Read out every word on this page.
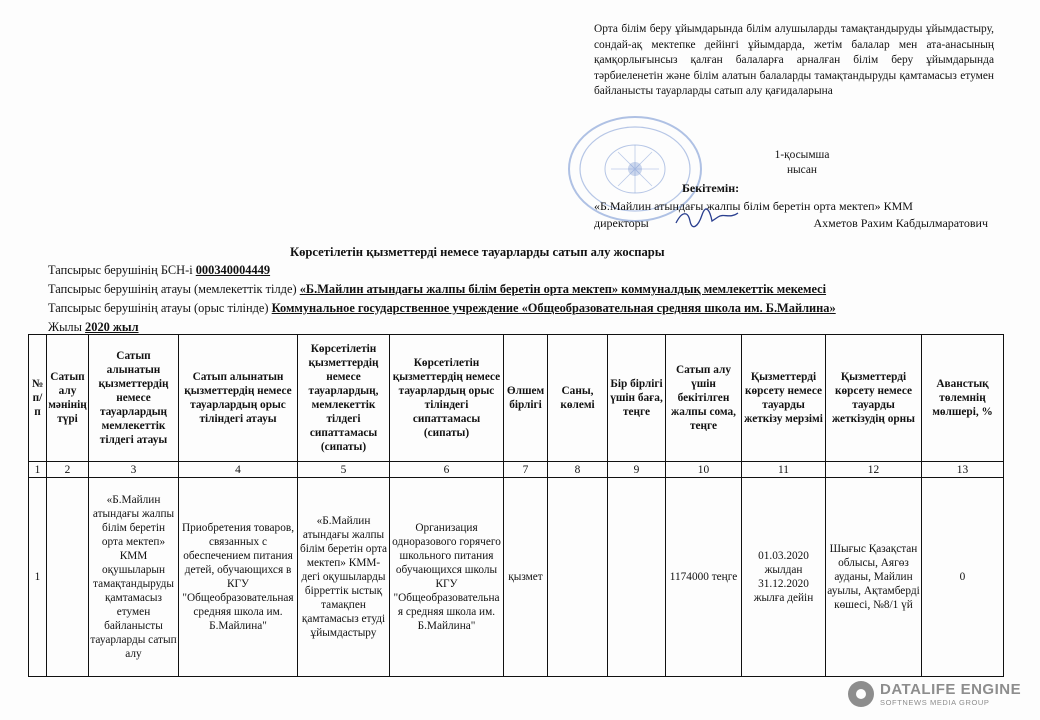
Орта білім беру ұйымдарында білім алушыларды тамақтандыруды ұйымдастыру, сондай-ақ мектепке дейінгі ұйымдарда, жетім балалар мен ата-анасының қамқорлығынсыз қалған балаларға арналған білім беру ұйымдарында тәрбиеленетін және білім алатын балаларды тамақтандыруды қамтамасыз етумен байланысты тауарларды сатып алу қағидаларына
1-қосымша
нысан
Бекітемін:
«Б.Майлин атындағы жалпы білім беретін орта мектеп» КММ
директоры	Ахметов Рахим Кабдылмаратович
Көрсетілетін қызметтерді немесе тауарларды сатып алу жоспары
Тапсырыс берушінің БСН-і 000340004449
Тапсырыс берушінің атауы (мемлекеттік тілде) «Б.Майлин атындағы жалпы білім беретін орта мектеп» коммуналдық мемлекеттік мекемесі
Тапсырыс берушінің атауы (орыс тілінде) Коммунальное государственное учреждение «Общеобразовательная средняя школа им. Б.Майлина»
Жылы 2020 жыл
№ п/п	Сатып алу мәнінің түрі	Сатып алынатын қызметтердің немесе тауарлардың мемлекеттік тілдегі атауы	Сатып алынатын қызметтердің немесе тауарлардың орыс тіліндегі атауы	Көрсетілетін қызметтердің немесе тауарлардың, мемлекеттік тілдегі сипаттамасы (сипаты)	Көрсетілетін қызметтердің немесе тауарлардың орыс тіліндегі сипаттамасы (сипаты)	Өлшем бірлігі	Саны, көлемі	Бір бірлігі үшін баға, теңге	Сатып алу үшін бекітілген жалпы сома, теңге	Қызметтерді көрсету немесе тауарды жеткізу мерзімі	Қызметтерді көрсету немесе тауарды жеткізудің орны	Аванстық төлемнің мөлшері, %
1	2	3	4	5	6	7	8	9	10	11	12	13
1		«Б.Майлин атындағы жалпы білім беретін орта мектеп» КММ оқушыларын тамақтандыруды қамтамасыз етумен байланысты тауарларды сатып алу	Приобретения товаров, связанных с обеспечением питания детей, обучающихся в КГУ "Общеобразовательная средняя школа им. Б.Майлина"	«Б.Майлин атындағы жалпы білім беретін орта мектеп» КММ-дегі оқушыларды бірреттік ыстық тамақпен қамтамасыз етуді ұйымдастыру	Организация одноразового горячего школьного питания обучающихся школы КГУ "Общеобразовательная средняя школа им. Б.Майлина"	қызмет			1174000 теңге	01.03.2020 жылдан 31.12.2020 жылға дейін	Шығыс Қазақстан облысы, Аягөз ауданы, Майлин ауылы, Ақтамберді көшесі, №8/1 үй	0
DATALIFE ENGINE
SOFTNEWS MEDIA GROUP
